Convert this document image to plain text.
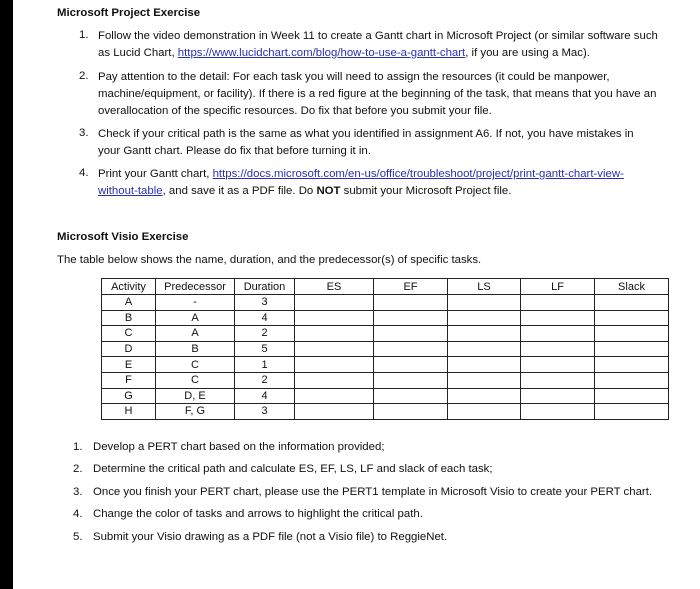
Microsoft Project Exercise
1. Follow the video demonstration in Week 11 to create a Gantt chart in Microsoft Project (or similar software such as Lucid Chart, https://www.lucidchart.com/blog/how-to-use-a-gantt-chart, if you are using a Mac).
2. Pay attention to the detail: For each task you will need to assign the resources (it could be manpower, machine/equipment, or facility). If there is a red figure at the beginning of the task, that means that you have an overallocation of the specific resources. Do fix that before you submit your file.
3. Check if your critical path is the same as what you identified in assignment A6. If not, you have mistakes in your Gantt chart. Please do fix that before turning it in.
4. Print your Gantt chart, https://docs.microsoft.com/en-us/office/troubleshoot/project/print-gantt-chart-view-without-table, and save it as a PDF file. Do NOT submit your Microsoft Project file.
Microsoft Visio Exercise
The table below shows the name, duration, and the predecessor(s) of specific tasks.
Activity	Predecessor	Duration	ES	EF	LS	LF	Slack
A	-	3					
B	A	4					
C	A	2					
D	B	5					
E	C	1					
F	C	2					
G	D, E	4					
H	F, G	3					
1. Develop a PERT chart based on the information provided;
2. Determine the critical path and calculate ES, EF, LS, LF and slack of each task;
3. Once you finish your PERT chart, please use the PERT1 template in Microsoft Visio to create your PERT chart.
4. Change the color of tasks and arrows to highlight the critical path.
5. Submit your Visio drawing as a PDF file (not a Visio file) to ReggieNet.
